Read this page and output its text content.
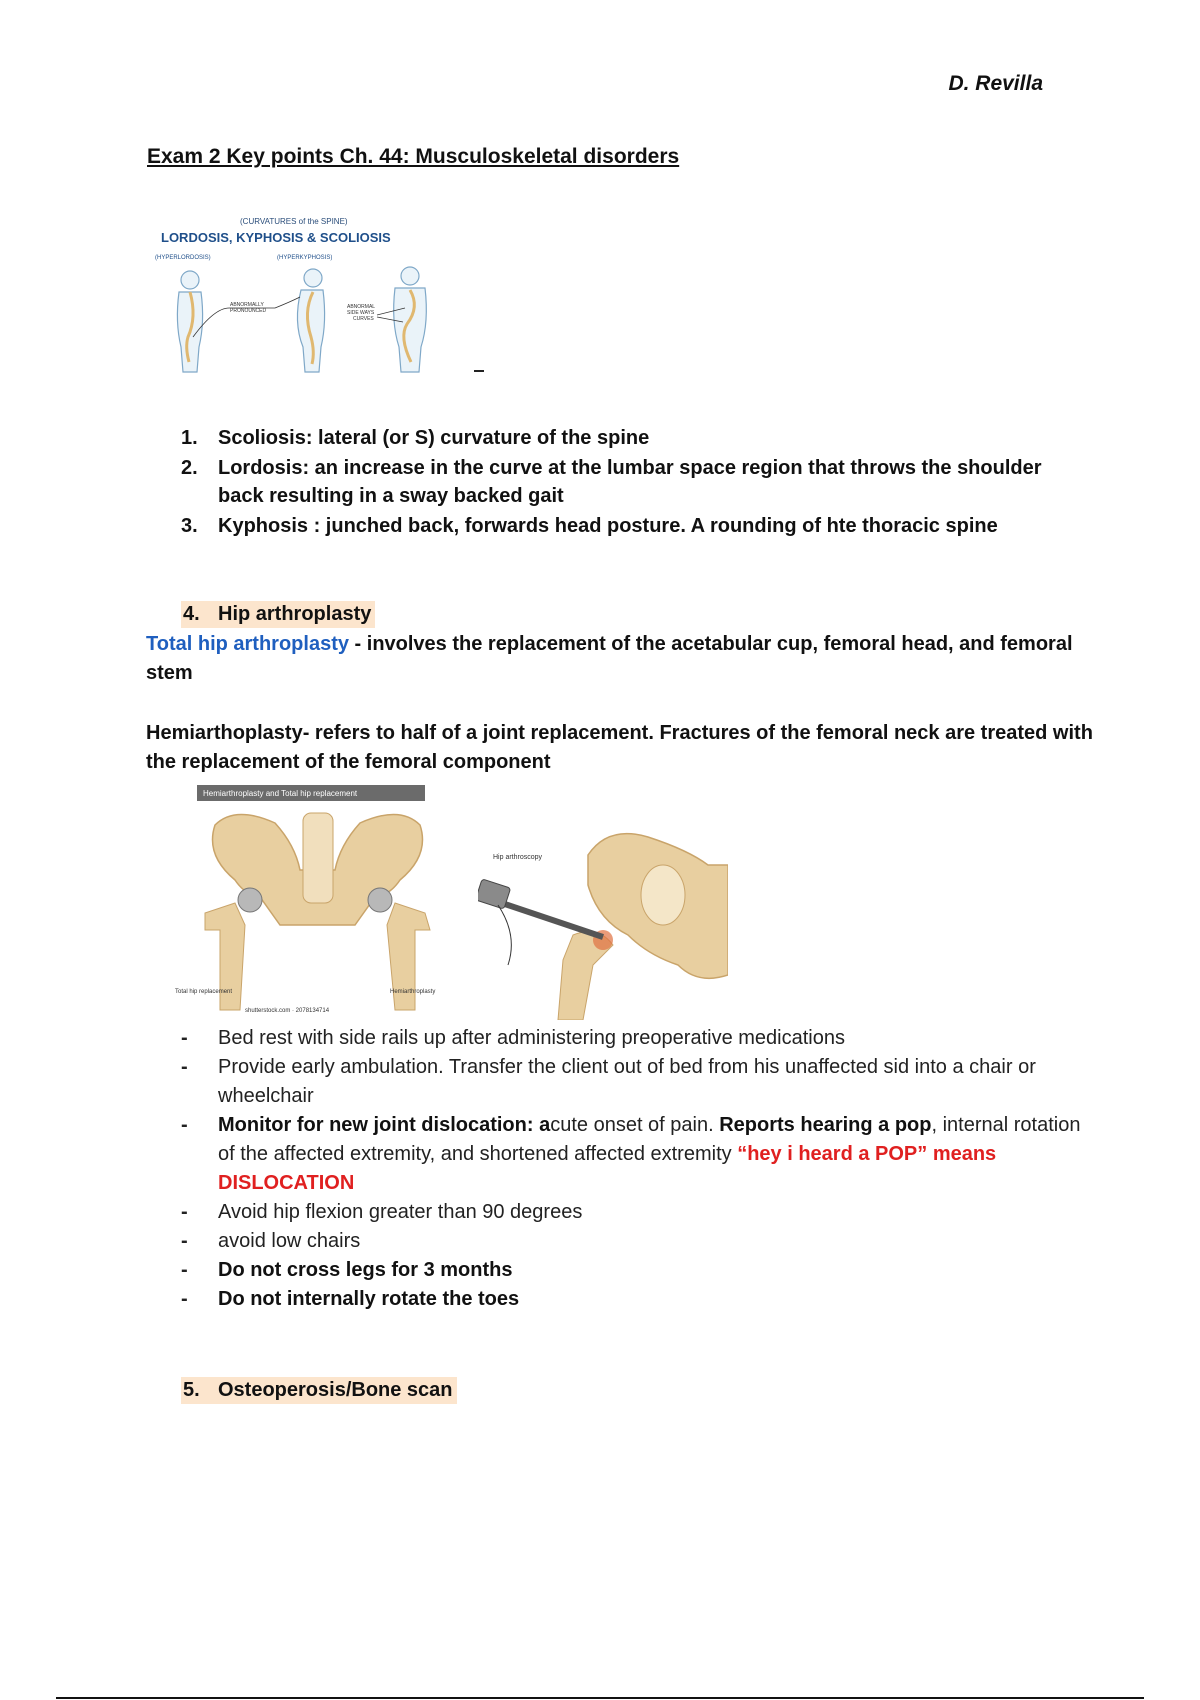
D. Revilla
Exam 2 Key points Ch. 44: Musculoskeletal disorders
(CURVATURES of the SPINE)
LORDOSIS, KYPHOSIS & SCOLIOSIS
(HYPERLORDOSIS)	(HYPERKYPHOSIS)
ABNORMALLY
PRONOUNCED
ABNORMAL
SIDE WAYS
CURVES
1.	Scoliosis: lateral (or S) curvature of the spine
2.	Lordosis: an increase in the curve at the lumbar space region that throws the shoulder back resulting in a sway backed gait
3.	Kyphosis : junched back, forwards head posture. A rounding of hte thoracic spine
4. Hip arthroplasty
Total hip arthroplasty - involves the replacement of the acetabular cup, femoral head, and femoral stem
Hemiarthoplasty- refers to half of a joint replacement. Fractures of the femoral neck are treated with the replacement of the femoral component
Hemiarthroplasty and Total hip replacement
Total hip replacement	Hemiarthroplasty
shutterstock.com · 2078134714
Hip arthroscopy
-	Bed rest with side rails up after administering preoperative medications
-	Provide early ambulation. Transfer the client out of bed from his unaffected sid into a chair or wheelchair
-	Monitor for new joint dislocation: acute onset of pain. Reports hearing a pop, internal rotation of the affected extremity, and shortened affected extremity “hey i heard a POP” means DISLOCATION
-	Avoid hip flexion greater than 90 degrees
-	avoid low chairs
-	Do not cross legs for 3 months
-	Do not internally rotate the toes
5. Osteoperosis/Bone scan
